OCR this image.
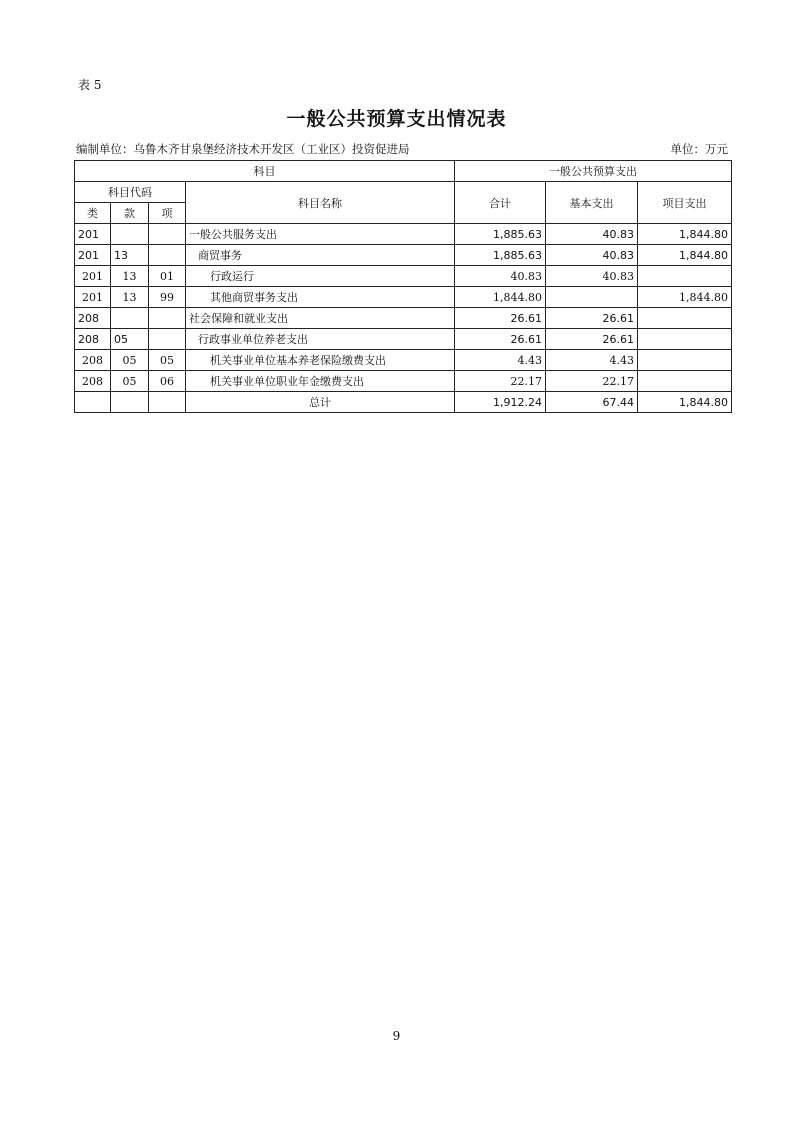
表 5
一般公共预算支出情况表
编制单位：乌鲁木齐甘泉堡经济技术开发区（工业区）投资促进局	单位：万元
科目				一般公共预算支出		
科目代码			科目名称	合计	基本支出	项目支出
类	款	项				
201			一般公共服务支出	1,885.63	40.83	1,844.80
201	13		商贸事务	1,885.63	40.83	1,844.80
201	13	01	行政运行	40.83	40.83	
201	13	99	其他商贸事务支出	1,844.80		1,844.80
208			社会保障和就业支出	26.61	26.61	
208	05		行政事业单位养老支出	26.61	26.61	
208	05	05	机关事业单位基本养老保险缴费支出	4.43	4.43	
208	05	06	机关事业单位职业年金缴费支出	22.17	22.17	
			总计	1,912.24	67.44	1,844.80
9
